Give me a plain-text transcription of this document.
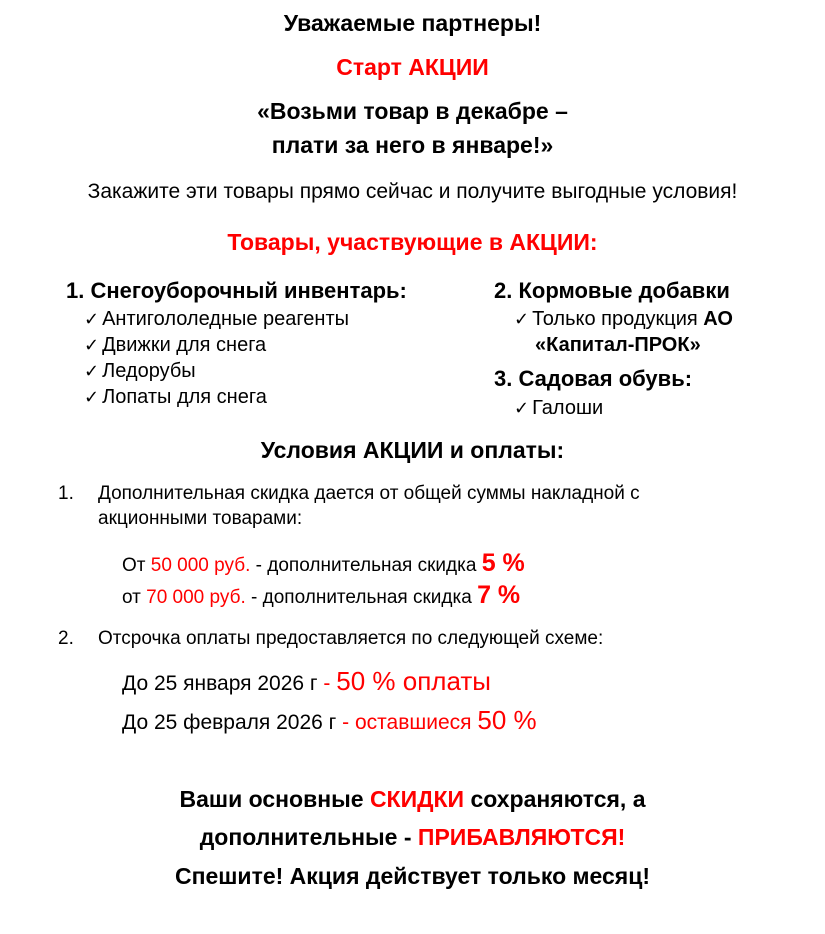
Уважаемые партнеры!
Старт АКЦИИ
«Возьми товар в декабре –
плати за него в январе!»
Закажите эти товары прямо сейчас и получите выгодные условия!
Товары, участвующие в АКЦИИ:
1. Снегоуборочный инвентарь:
✓ Антигололедные реагенты
✓ Движки для снега
✓ Ледорубы
✓ Лопаты для снега
2. Кормовые добавки
✓ Только продукция АО
«Капитал-ПРОК»
3. Садовая обувь:
✓ Галоши
Условия АКЦИИ и оплаты:
1. Дополнительная скидка дается от общей суммы накладной с
акционными товарами:
От 50 000 руб. - дополнительная скидка 5 %
от 70 000 руб. - дополнительная скидка 7 %
2. Отсрочка оплаты предоставляется по следующей схеме:
До 25 января 2026 г - 50 % оплаты
До 25 февраля 2026 г - оставшиеся 50 %
Ваши основные СКИДКИ сохраняются, а
дополнительные - ПРИБАВЛЯЮТСЯ!
Спешите! Акция действует только месяц!
